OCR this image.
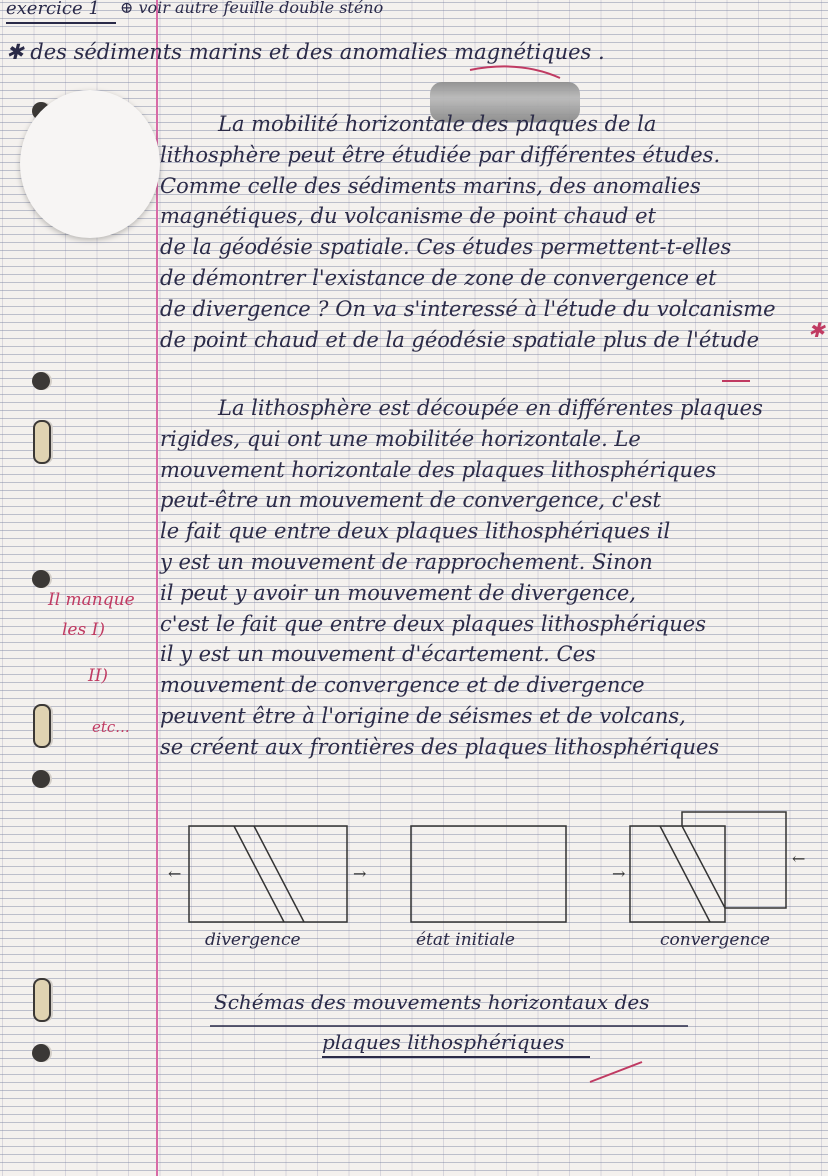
exercice 1 ⊕ voir autre feuille double sténo
✱ des sédiments marins et des anomalies magnétiques .
La mobilité horizontale des plaques de la
lithosphère peut être étudiée par différentes études.
Comme celle des sédiments marins, des anomalies
magnétiques, du volcanisme de point chaud et
de la géodésie spatiale. Ces études permettent-t-elles
de démontrer l'existance de zone de convergence et
de divergence ? On va s'interessé à l'étude du volcanisme
de point chaud et de la géodésie spatiale plus de l'étude ✱
La lithosphère est découpée en différentes plaques
rigides, qui ont une mobilitée horizontale. Le
mouvement horizontale des plaques lithosphériques
peut-être un mouvement de convergence, c'est
le fait que entre deux plaques lithosphériques il
y est un mouvement de rapprochement. Sinon
il peut y avoir un mouvement de divergence,
c'est le fait que entre deux plaques lithosphériques
il y est un mouvement d'écartement. Ces
mouvement de convergence et de divergence
peuvent être à l'origine de séismes et de volcans,
se créent aux frontières des plaques lithosphériques
Il manque
les I)
II)
etc...
←	→	→
←
divergence	état initiale	convergence
Schémas des mouvements horizontaux des
plaques lithosphériques
